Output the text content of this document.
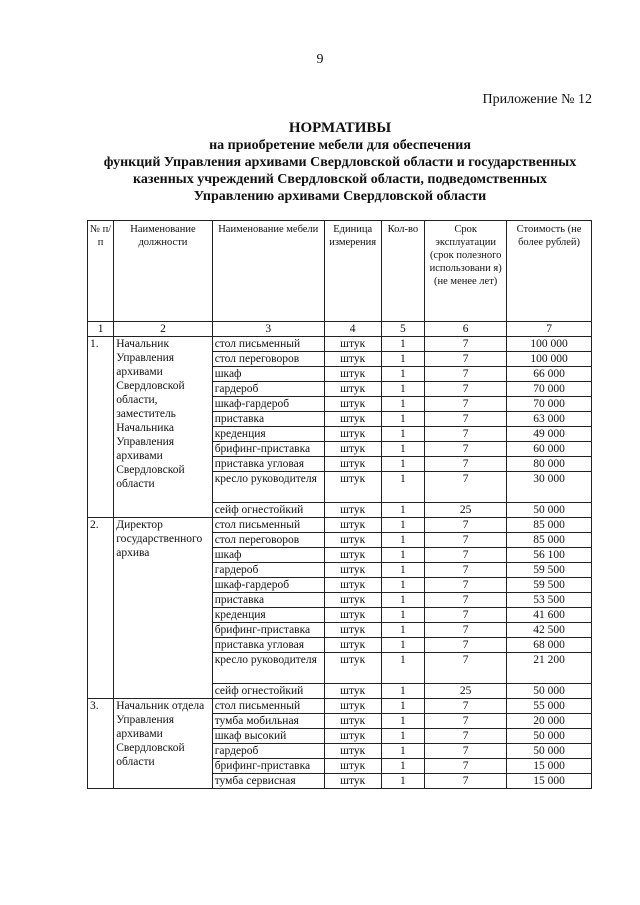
9
Приложение № 12
НОРМАТИВЫ
на приобретение мебели для обеспечения
функций Управления архивами Свердловской области и государственных
казенных учреждений Свердловской области, подведомственных
Управлению архивами Свердловской области
№ п/п	Наименование должности	Наименование мебели	Единица измерения	Кол-во	Срок эксплуатации (срок полезного использовани я) (не менее лет)	Стоимость (не более рублей)
1	2	3	4	5	6	7
1.	Начальник Управления архивами Свердловской области, заместитель Начальника Управления архивами Свердловской области	стол письменный	штук	1	7	100 000
		стол переговоров	штук	1	7	100 000
		шкаф	штук	1	7	66 000
		гардероб	штук	1	7	70 000
		шкаф-гардероб	штук	1	7	70 000
		приставка	штук	1	7	63 000
		креденция	штук	1	7	49 000
		брифинг-приставка	штук	1	7	60 000
		приставка угловая	штук	1	7	80 000
		кресло руководителя	штук	1	7	30 000
		сейф огнестойкий	штук	1	25	50 000
2.	Директор государственного архива	стол письменный	штук	1	7	85 000
		стол переговоров	штук	1	7	85 000
		шкаф	штук	1	7	56 100
		гардероб	штук	1	7	59 500
		шкаф-гардероб	штук	1	7	59 500
		приставка	штук	1	7	53 500
		креденция	штук	1	7	41 600
		брифинг-приставка	штук	1	7	42 500
		приставка угловая	штук	1	7	68 000
		кресло руководителя	штук	1	7	21 200
		сейф огнестойкий	штук	1	25	50 000
3.	Начальник отдела Управления архивами Свердловской области	стол письменный	штук	1	7	55 000
		тумба мобильная	штук	1	7	20 000
		шкаф высокий	штук	1	7	50 000
		гардероб	штук	1	7	50 000
		брифинг-приставка	штук	1	7	15 000
		тумба сервисная	штук	1	7	15 000
